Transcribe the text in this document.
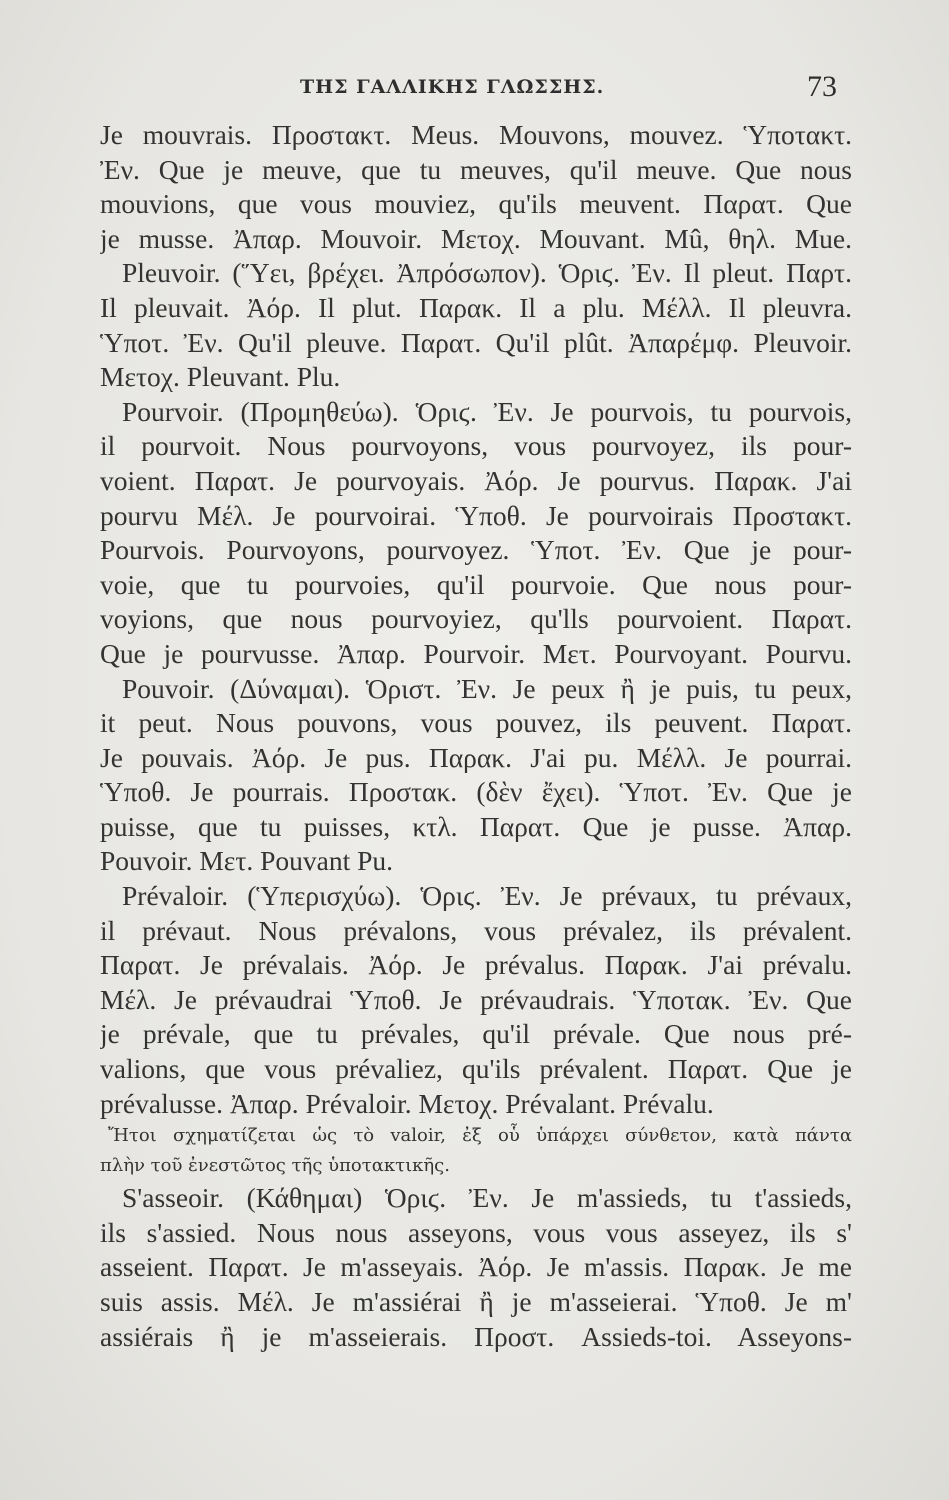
ΤΗΣ ΓΑΛΛΙΚΗΣ ΓΛΩΣΣΗΣ.	73
Je mouvrais. Προστακτ. Meus. Mouvons, mouvez. Ὑποτακτ.
Ἐν. Que je meuve, que tu meuves, qu'il meuve. Que nous
mouvions, que vous mouviez, qu'ils meuvent. Παρατ. Que
je musse. Ἀπαρ. Mouvoir. Μετοχ. Mouvant. Mû, θηλ. Mue.
Pleuvoir. (Ὕει, βρέχει. Ἀπρόσωπον). Ὁριϛ. Ἐν. Il pleut. Παρτ.
Il pleuvait. Ἀόρ. Il plut. Παρακ. Il a plu. Μέλλ. Il pleuvra.
Ὑποτ. Ἐν. Qu'il pleuve. Παρατ. Qu'il plût. Ἀπαρέμφ. Pleuvoir.
Μετοχ. Pleuvant. Plu.
Pourvoir. (Προμηθεύω). Ὁριϛ. Ἐν. Je pourvois, tu pourvois,
il pourvoit. Nous pourvoyons, vous pourvoyez, ils pour-
voient. Παρατ. Je pourvoyais. Ἀόρ. Je pourvus. Παρακ. J'ai
pourvu Μέλ. Je pourvoirai. Ὑποθ. Je pourvoirais Προστακτ.
Pourvois. Pourvoyons, pourvoyez. Ὑποτ. Ἐν. Que je pour-
voie, que tu pourvoies, qu'il pourvoie. Que nous pour-
voyions, que nous pourvoyiez, qu'lls pourvoient. Παρατ.
Que je pourvusse. Ἀπαρ. Pourvoir. Μετ. Pourvoyant. Pourvu.
Pouvoir. (Δύναμαι). Ὁριστ. Ἐν. Je peux ἢ je puis, tu peux,
it peut. Nous pouvons, vous pouvez, ils peuvent. Παρατ.
Je pouvais. Ἀόρ. Je pus. Παρακ. J'ai pu. Μέλλ. Je pourrai.
Ὑποθ. Je pourrais. Προστακ. (δὲν ἔχει). Ὑποτ. Ἐν. Que je
puisse, que tu puisses, κτλ. Παρατ. Que je pusse. Ἀπαρ.
Pouvoir. Μετ. Pouvant Pu.
Prévaloir. (Ὑπερισχύω). Ὁριϛ. Ἐν. Je prévaux, tu prévaux,
il prévaut. Nous prévalons, vous prévalez, ils prévalent.
Παρατ. Je prévalais. Ἀόρ. Je prévalus. Παρακ. J'ai prévalu.
Μέλ. Je prévaudrai Ὑποθ. Je prévaudrais. Ὑποτακ. Ἐν. Que
je prévale, que tu prévales, qu'il prévale. Que nous pré-
valions, que vous prévaliez, qu'ils prévalent. Παρατ. Que je
prévalusse. Ἀπαρ. Prévaloir. Μετοχ. Prévalant. Prévalu.
Ἤτοι σχηματίζεται ὡς τὸ valoir, ἐξ οὗ ὑπάρχει σύνθετον, κατὰ πάντα
πλὴν τοῦ ἐνεστῶτος τῆς ὑποτακτικῆς.
S'asseoir. (Κάθημαι) Ὁριϛ. Ἐν. Je m'assieds, tu t'assieds,
ils s'assied. Nous nous asseyons, vous vous asseyez, ils s'
asseient. Παρατ. Je m'asseyais. Ἀόρ. Je m'assis. Παρακ. Je me
suis assis. Μέλ. Je m'assiérai ἢ je m'asseierai. Ὑποθ. Je m'
assiérais ἢ je m'asseierais. Προστ. Assieds-toi. Asseyons-
